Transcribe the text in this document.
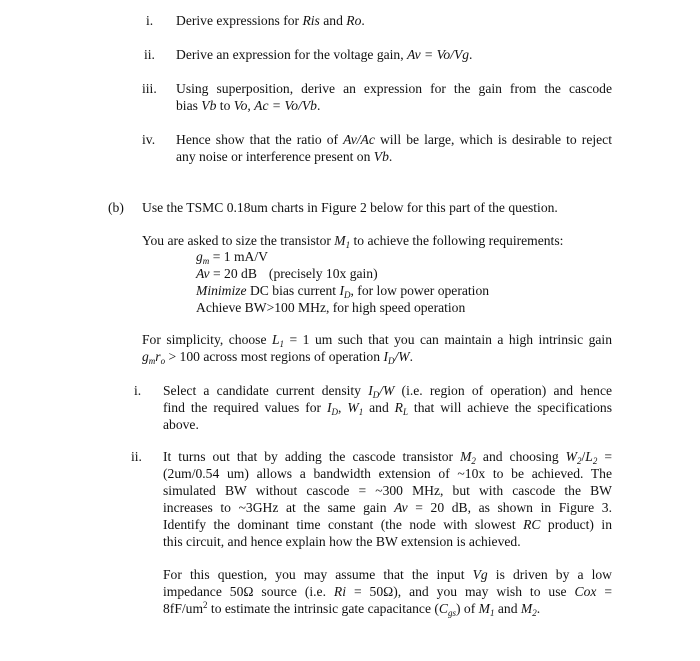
i. Derive expressions for Ris and Ro.
ii. Derive an expression for the voltage gain, Av = Vo/Vg.
iii. Using superposition, derive an expression for the gain from the cascode
bias Vb to Vo, Ac = Vo/Vb.
iv. Hence show that the ratio of Av/Ac will be large, which is desirable to reject
any noise or interference present on Vb.
(b) Use the TSMC 0.18um charts in Figure 2 below for this part of the question.
You are asked to size the transistor $M_1$ to achieve the following requirements:
$g_m = 1$ mA/V
Av = 20 dB (precisely 10x gain)
Minimize DC bias current $I_D$, for low power operation
Achieve BW>100 MHz, for high speed operation
For simplicity, choose $L_1 = 1$ um such that you can maintain a high intrinsic gain
$g_mr_o > 100$ across most regions of operation $I_D/W$.
i. Select a candidate current density $I_D/W$ (i.e. region of operation) and hence
find the required values for $I_D$, $W_1$ and $R_L$ that will achieve the specifications
above.
ii. It turns out that by adding the cascode transistor $M_2$ and choosing $W_2/L_2$ =
(2um/0.54 um) allows a bandwidth extension of ~10x to be achieved. The
simulated BW without cascode = ~300 MHz, but with cascode the BW
increases to ~3GHz at the same gain Av = 20 dB, as shown in Figure 3.
Identify the dominant time constant (the node with slowest RC product) in
this circuit, and hence explain how the BW extension is achieved.
For this question, you may assume that the input Vg is driven by a low
impedance 50Ω source (i.e. Ri = 50Ω), and you may wish to use Cox =
$8fF/um^2$ to estimate the intrinsic gate capacitance $(C_{gs})$ of $M_1$ and $M_2$.
